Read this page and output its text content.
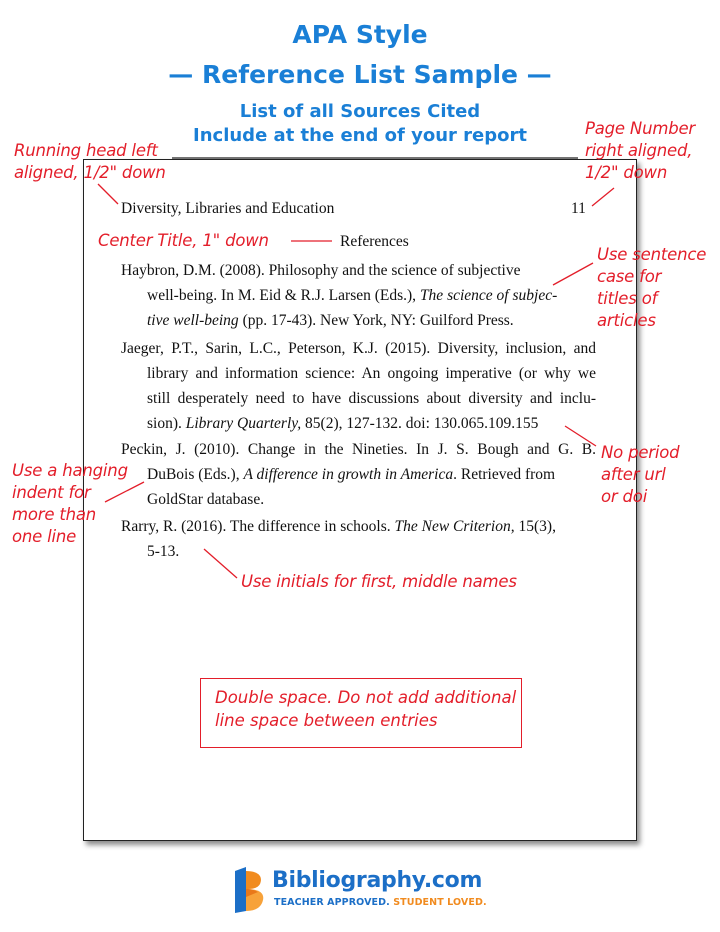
APA Style
— Reference List Sample —
List of all Sources Cited
Include at the end of your report
Diversity, Libraries and Education	11
References
Haybron, D.M. (2008). Philosophy and the science of subjective
well-being. In M. Eid & R.J. Larsen (Eds.), The science of subjec-
tive well-being (pp. 17-43). New York, NY: Guilford Press.
Jaeger, P.T., Sarin, L.C., Peterson, K.J. (2015). Diversity, inclusion, and
library and information science: An ongoing imperative (or why we
still desperately need to have discussions about diversity and inclu-
sion). Library Quarterly, 85(2), 127-132. doi: 130.065.109.155
Peckin, J. (2010). Change in the Nineties. In J. S. Bough and G. B.
DuBois (Eds.), A difference in growth in America. Retrieved from
GoldStar database.
Rarry, R. (2016). The difference in schools. The New Criterion, 15(3),
5-13.
Running head left
aligned, 1/2" down
Page Number
right aligned,
1/2" down
Center Title, 1" down
Use sentence
case for
titles of
articles
No period
after url
or doi
Use a hanging
indent for
more than
one line
Use initials for first, middle names
Double space. Do not add additional
line space between entries
Bibliography.com
TEACHER APPROVED. STUDENT LOVED.
